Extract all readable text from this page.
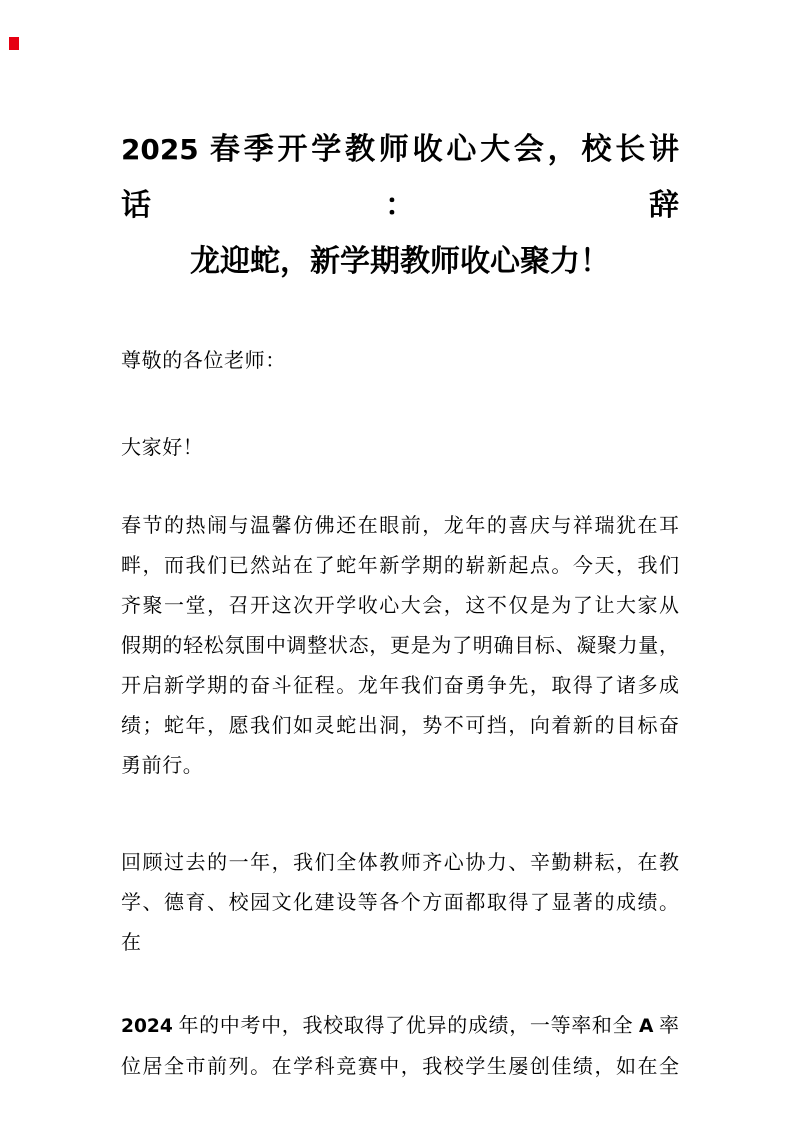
2025 春季开学教师收心大会，校长讲话：辞
龙迎蛇，新学期教师收心聚力！
尊敬的各位老师：
大家好！
春节的热闹与温馨仿佛还在眼前，龙年的喜庆与祥瑞犹在耳
畔，而我们已然站在了蛇年新学期的崭新起点。今天，我们
齐聚一堂，召开这次开学收心大会，这不仅是为了让大家从
假期的轻松氛围中调整状态，更是为了明确目标、凝聚力量，
开启新学期的奋斗征程。龙年我们奋勇争先，取得了诸多成
绩；蛇年，愿我们如灵蛇出洞，势不可挡，向着新的目标奋
勇前行。
回顾过去的一年，我们全体教师齐心协力、辛勤耕耘，在教
学、德育、校园文化建设等各个方面都取得了显著的成绩。
在
2024 年的中考中，我校取得了优异的成绩，一等率和全 A 率
位居全市前列。在学科竞赛中，我校学生屡创佳绩，如在全
